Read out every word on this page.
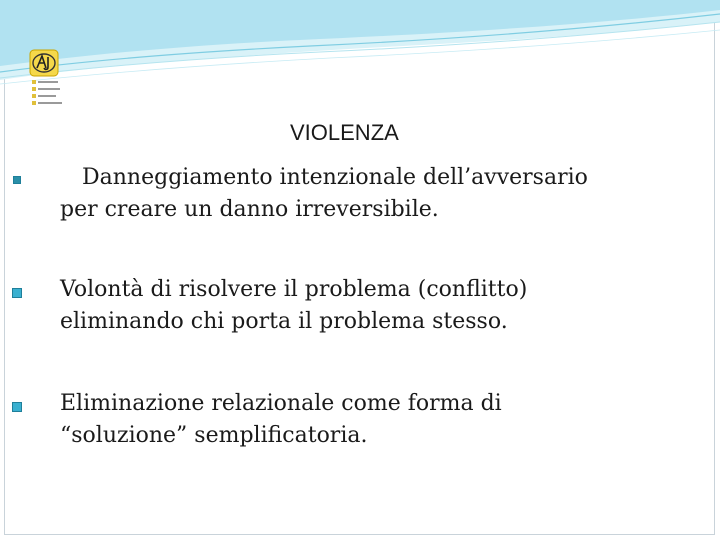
VIOLENZA
Danneggiamento intenzionale dell’avversario
per creare un danno irreversibile.
Volontà di risolvere il problema (conflitto)
eliminando chi porta il problema stesso.
Eliminazione relazionale come forma di
“soluzione” semplificatoria.
